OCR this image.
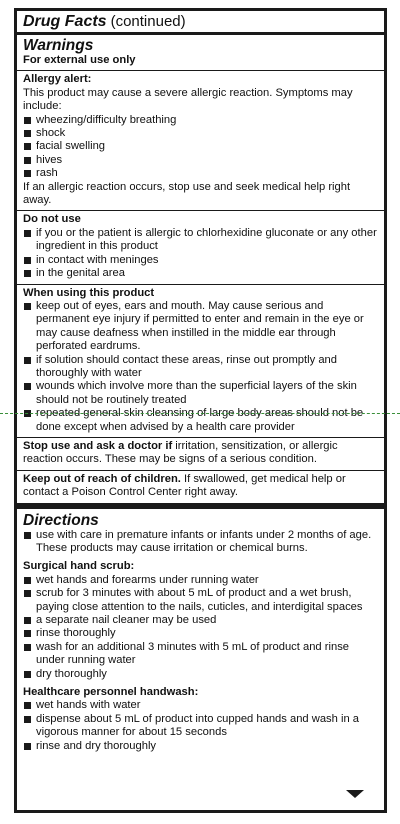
Drug Facts (continued)
Warnings
For external use only
Allergy alert:
This product may cause a severe allergic reaction. Symptoms may include:
wheezing/difficulty breathing
shock
facial swelling
hives
rash
If an allergic reaction occurs, stop use and seek medical help right away.
Do not use
if you or the patient is allergic to chlorhexidine gluconate or any other ingredient in this product
in contact with meninges
in the genital area
When using this product
keep out of eyes, ears and mouth. May cause serious and permanent eye injury if permitted to enter and remain in the eye or may cause deafness when instilled in the middle ear through perforated eardrums.
if solution should contact these areas, rinse out promptly and thoroughly with water
wounds which involve more than the superficial layers of the skin should not be routinely treated
repeated general skin cleansing of large body areas should not be done except when advised by a health care provider
Stop use and ask a doctor if irritation, sensitization, or allergic reaction occurs. These may be signs of a serious condition.
Keep out of reach of children. If swallowed, get medical help or contact a Poison Control Center right away.
Directions
use with care in premature infants or infants under 2 months of age. These products may cause irritation or chemical burns.
Surgical hand scrub:
wet hands and forearms under running water
scrub for 3 minutes with about 5 mL of product and a wet brush, paying close attention to the nails, cuticles, and interdigital spaces
a separate nail cleaner may be used
rinse thoroughly
wash for an additional 3 minutes with 5 mL of product and rinse under running water
dry thoroughly
Healthcare personnel handwash:
wet hands with water
dispense about 5 mL of product into cupped hands and wash in a vigorous manner for about 15 seconds
rinse and dry thoroughly
